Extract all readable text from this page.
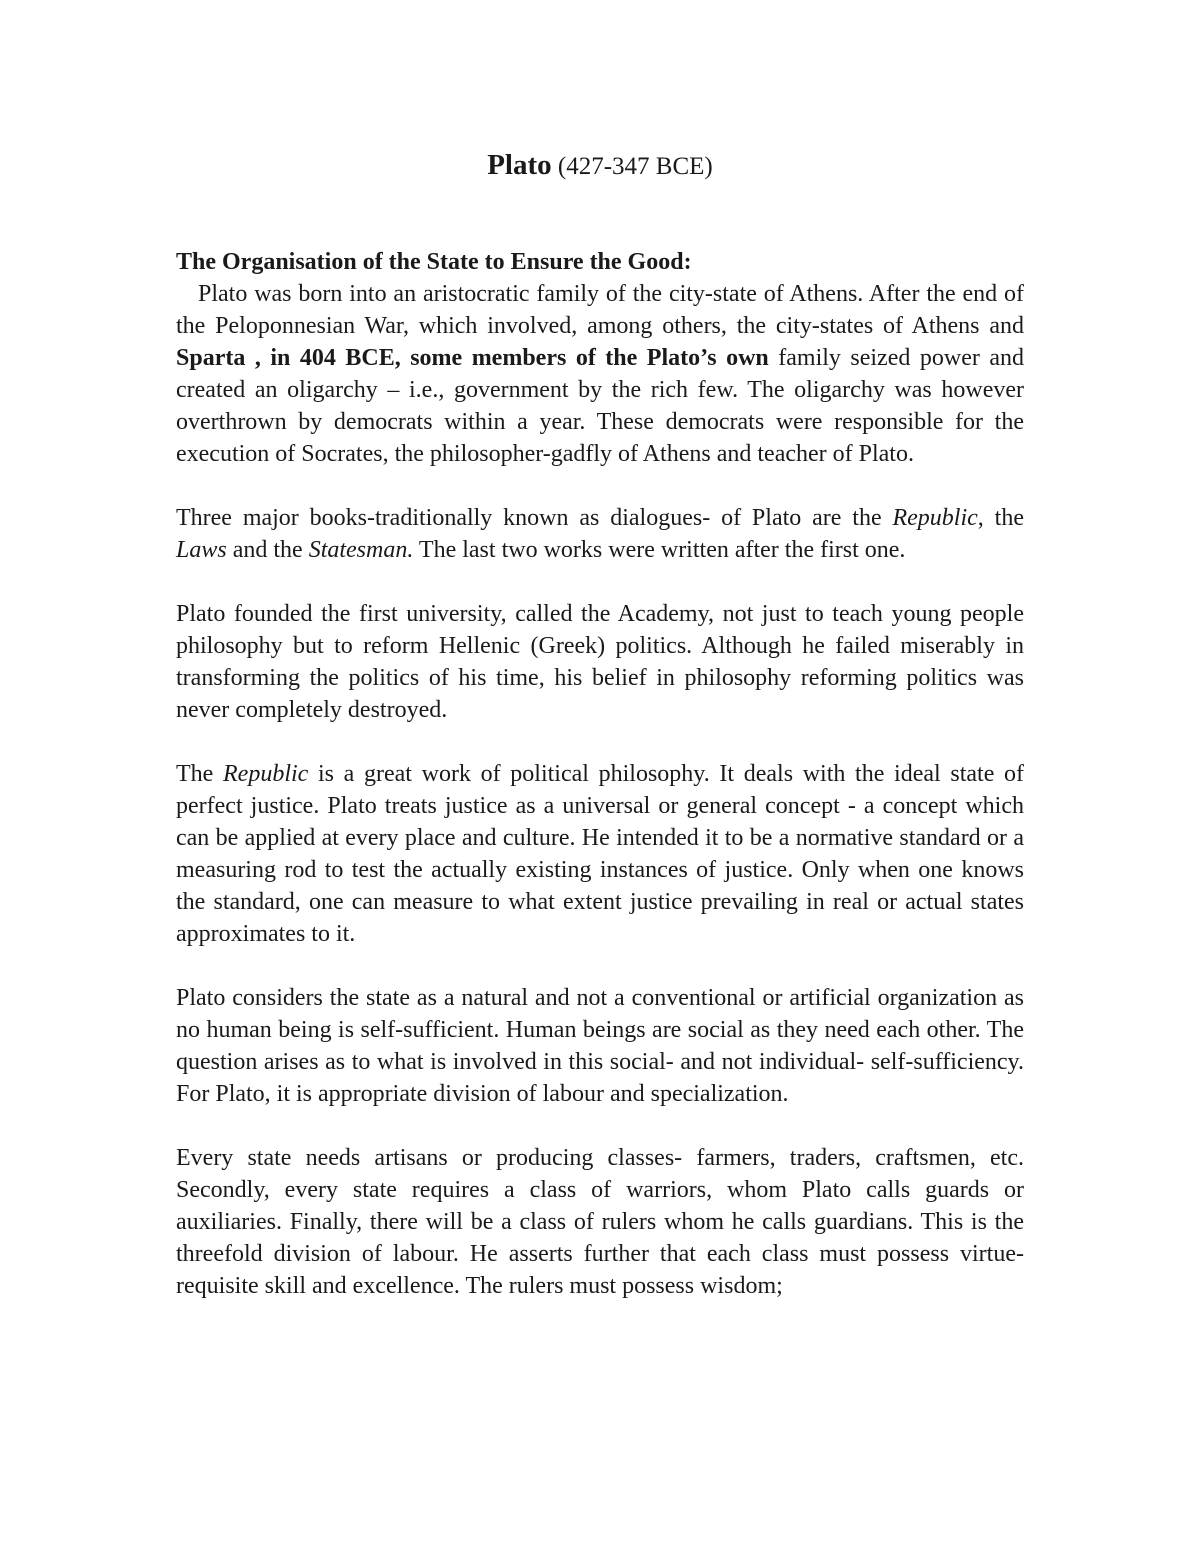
Plato (427-347 BCE)

The Organisation of the State to Ensure the Good:

Plato was born into an aristocratic family of the city-state of Athens. After the end of the Peloponnesian War, which involved, among others, the city-states of Athens and Sparta , in 404 BCE, some members of the Plato’s own family seized power and created an oligarchy – i.e., government by the rich few. The oligarchy was however overthrown by democrats within a year. These democrats were responsible for the execution of Socrates, the philosopher-gadfly of Athens and teacher of Plato.

Three major books-traditionally known as dialogues- of Plato are the Republic, the Laws and the Statesman. The last two works were written after the first one.

Plato founded the first university, called the Academy, not just to teach young people philosophy but to reform Hellenic (Greek) politics. Although he failed miserably in transforming the politics of his time, his belief in philosophy reforming politics was never completely destroyed.

The Republic is a great work of political philosophy. It deals with the ideal state of perfect justice. Plato treats justice as a universal or general concept - a concept which can be applied at every place and culture. He intended it to be a normative standard or a measuring rod to test the actually existing instances of justice. Only when one knows the standard, one can measure to what extent justice prevailing in real or actual states approximates to it.

Plato considers the state as a natural and not a conventional or artificial organization as no human being is self-sufficient. Human beings are social as they need each other. The question arises as to what is involved in this social- and not individual- self-sufficiency. For Plato, it is appropriate division of labour and specialization.

Every state needs artisans or producing classes- farmers, traders, craftsmen, etc. Secondly, every state requires a class of warriors, whom Plato calls guards or auxiliaries. Finally, there will be a class of rulers whom he calls guardians. This is the threefold division of labour. He asserts further that each class must possess virtue- requisite skill and excellence. The rulers must possess wisdom;
